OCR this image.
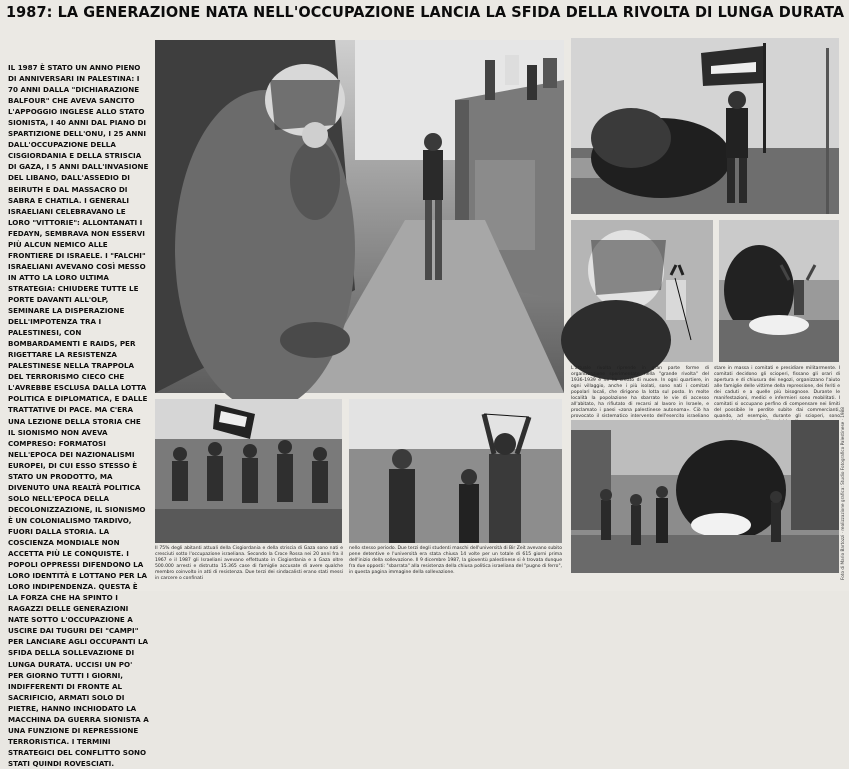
1987: LA GENERAZIONE NATA NELL'OCCUPAZIONE LANCIA LA SFIDA DELLA RIVOLTA DI LUNGA DURATA
IL 1987 È STATO UN ANNO PIENO DI ANNIVERSARI IN PALESTINA: I 70 ANNI DALLA "DICHIARAZIONE BALFOUR" CHE AVEVA SANCITO L'APPOGGIO INGLESE ALLO STATO SIONISTA, I 40 ANNI DAL PIANO DI SPARTIZIONE DELL'ONU, I 25 ANNI DALL'OCCUPAZIONE DELLA CISGIORDANIA E DELLA STRISCIA DI GAZA, I 5 ANNI DALL'INVASIONE DEL LIBANO, DALL'ASSEDIO DI BEIRUTH E DAL MASSACRO DI SABRA E CHATILA. I GENERALI ISRAELIANI CELEBRAVANO LE LORO "VITTORIE": ALLONTANATI I FEDAYN, SEMBRAVA NON ESSERVI PIÙ ALCUN NEMICO ALLE FRONTIERE DI ISRAELE. I "FALCHI" ISRAELIANI AVEVANO COSÌ MESSO IN ATTO LA LORO ULTIMA STRATEGIA: CHIUDERE TUTTE LE PORTE DAVANTI ALL'OLP, SEMINARE LA DISPERAZIONE DELL'IMPOTENZA TRA I PALESTINESI, CON BOMBARDAMENTI E RAIDS, PER RIGETTARE LA RESISTENZA PALESTINESE NELLA TRAPPOLA DEL TERRORISMO CIECO CHE L'AVREBBE ESCLUSA DALLA LOTTA POLITICA E DIPLOMATICA, E DALLE TRATTATIVE DI PACE. MA C'ERA UNA LEZIONE DELLA STORIA CHE IL SIONISMO NON AVEVA COMPRESO: FORMATOSI NELL'EPOCA DEI NAZIONALISMI EUROPEI, DI CUI ESSO STESSO È STATO UN PRODOTTO, MA DIVENUTO UNA REALTÀ POLITICA SOLO NELL'EPOCA DELLA DECOLONIZZAZIONE, IL SIONISMO È UN COLONIALISMO TARDIVO, FUORI DALLA STORIA. LA COSCIENZA MONDIALE NON ACCETTA PIÙ LE CONQUISTE. I POPOLI OPPRESSI DIFENDONO LA LORO IDENTITÀ E LOTTANO PER LA LORO INDIPENDENZA. QUESTA È LA FORZA CHE HA SPINTO I RAGAZZI DELLE GENERAZIONI NATE SOTTO L'OCCUPAZIONE A USCIRE DAI TUGURI DEI "CAMPI" PER LANCIARE AGLI OCCUPANTI LA SFIDA DELLA SOLLEVAZIONE DI LUNGA DURATA. UCCISI UN PO' PER GIORNO TUTTI I GIORNI, INDIFFERENTI DI FRONTE AL SACRIFICIO, ARMATI SOLO DI PIETRE, HANNO INCHIODATO LA MACCHINA DA GUERRA SIONISTA A UNA FUNZIONE DI REPRESSIONE TERRORISTICA. I TERMINI STRATEGICI DEL CONFLITTO SONO STATI QUINDI ROVESCIATI.
L'attuale rivolta riprende in gran parte forme di organizzazione sperimentate nella "grande rivolta" del 1936-1939 e ne ha creato di nuove. In ogni quartiere, in ogni villaggio, anche i più isolati, sono nati i comitati popolari locali, che dirigono la lotta sul posto. In molte località la popolazione ha sbarrato le vie di accesso all'abitato, ha rifiutato di recarsi al lavoro in Israele, e proclamato i paesi «zona palestinese autonoma». Ciò ha provocato il sistematico intervento dell'esercito israeliano
stare in massa i comitati e presidiare militarmente. I comitati decidono gli scioperi, fissano gli orari di apertura e di chiusura dei negozi, organizzano l'aiuto alle famiglie delle vittime della repressione, dei feriti e dei caduti e a quelle più bisognose. Durante le manifestazioni, medici e infermieri sono mobilitati. I comitati si occupano perfino di compensare nei limiti del possibile le perdite subite dai commercianti, quando, ad esempio, durante gli scioperi, sono
Il 75% degli abitanti attuali della Cisgiordania e della striscia di Gaza sono nati e cresciuti sotto l'occupazione israeliana. Secondo la Croce Rossa nei 20 anni fra il 1967 e il 1987 gli Israeliani avevano effettuato in Cisgiordania e a Gaza oltre 500.000 arresti e distrutto 15.365 case di famiglie accusate di avere qualche membro coinvolto in atti di resistenza. Due terzi dei sindacalisti erano stati messi in carcere o confinati
nello stesso periodo. Due terzi degli studenti maschi dell'università di Bir Zeit avevano subito pene detentive e l'università era stata chiusa 14 volte per un totale di 615 giorni prima dell'inizio della sollevazione. Il 9 dicembre 1987, la gioventù palestinese si è trovata dunque fra due opposti: "sbarrata" alla resistenza della chiusa politica israeliana del "pugno di ferro", in questa pagina immagine della sollevazione.	Foto di Mario Bartozzi · realizzazione grafica: Studio Fotografico Palestinese · 1988
